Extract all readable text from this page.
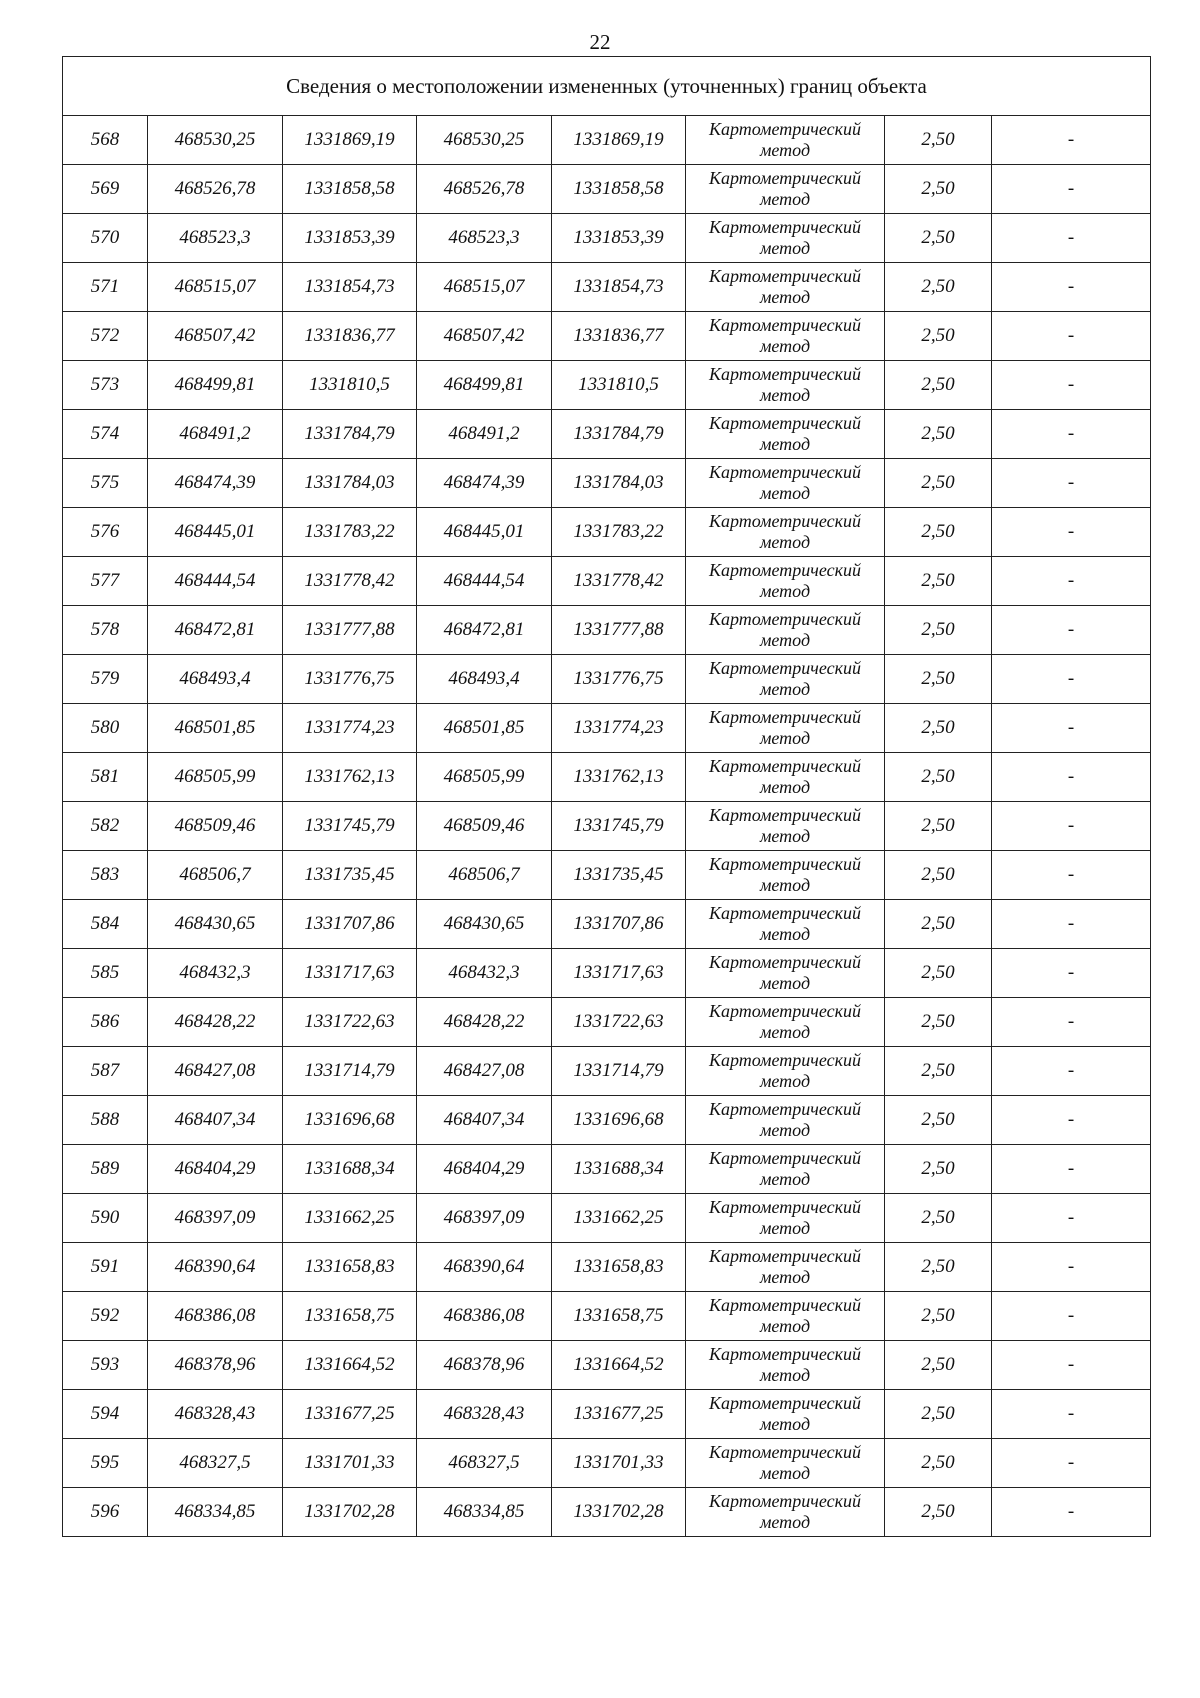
22
Сведения о местоположении измененных (уточненных) границ объекта							
568	468530,25	1331869,19	468530,25	1331869,19	Картометрический метод	2,50	-
569	468526,78	1331858,58	468526,78	1331858,58	Картометрический метод	2,50	-
570	468523,3	1331853,39	468523,3	1331853,39	Картометрический метод	2,50	-
571	468515,07	1331854,73	468515,07	1331854,73	Картометрический метод	2,50	-
572	468507,42	1331836,77	468507,42	1331836,77	Картометрический метод	2,50	-
573	468499,81	1331810,5	468499,81	1331810,5	Картометрический метод	2,50	-
574	468491,2	1331784,79	468491,2	1331784,79	Картометрический метод	2,50	-
575	468474,39	1331784,03	468474,39	1331784,03	Картометрический метод	2,50	-
576	468445,01	1331783,22	468445,01	1331783,22	Картометрический метод	2,50	-
577	468444,54	1331778,42	468444,54	1331778,42	Картометрический метод	2,50	-
578	468472,81	1331777,88	468472,81	1331777,88	Картометрический метод	2,50	-
579	468493,4	1331776,75	468493,4	1331776,75	Картометрический метод	2,50	-
580	468501,85	1331774,23	468501,85	1331774,23	Картометрический метод	2,50	-
581	468505,99	1331762,13	468505,99	1331762,13	Картометрический метод	2,50	-
582	468509,46	1331745,79	468509,46	1331745,79	Картометрический метод	2,50	-
583	468506,7	1331735,45	468506,7	1331735,45	Картометрический метод	2,50	-
584	468430,65	1331707,86	468430,65	1331707,86	Картометрический метод	2,50	-
585	468432,3	1331717,63	468432,3	1331717,63	Картометрический метод	2,50	-
586	468428,22	1331722,63	468428,22	1331722,63	Картометрический метод	2,50	-
587	468427,08	1331714,79	468427,08	1331714,79	Картометрический метод	2,50	-
588	468407,34	1331696,68	468407,34	1331696,68	Картометрический метод	2,50	-
589	468404,29	1331688,34	468404,29	1331688,34	Картометрический метод	2,50	-
590	468397,09	1331662,25	468397,09	1331662,25	Картометрический метод	2,50	-
591	468390,64	1331658,83	468390,64	1331658,83	Картометрический метод	2,50	-
592	468386,08	1331658,75	468386,08	1331658,75	Картометрический метод	2,50	-
593	468378,96	1331664,52	468378,96	1331664,52	Картометрический метод	2,50	-
594	468328,43	1331677,25	468328,43	1331677,25	Картометрический метод	2,50	-
595	468327,5	1331701,33	468327,5	1331701,33	Картометрический метод	2,50	-
596	468334,85	1331702,28	468334,85	1331702,28	Картометрический метод	2,50	-
